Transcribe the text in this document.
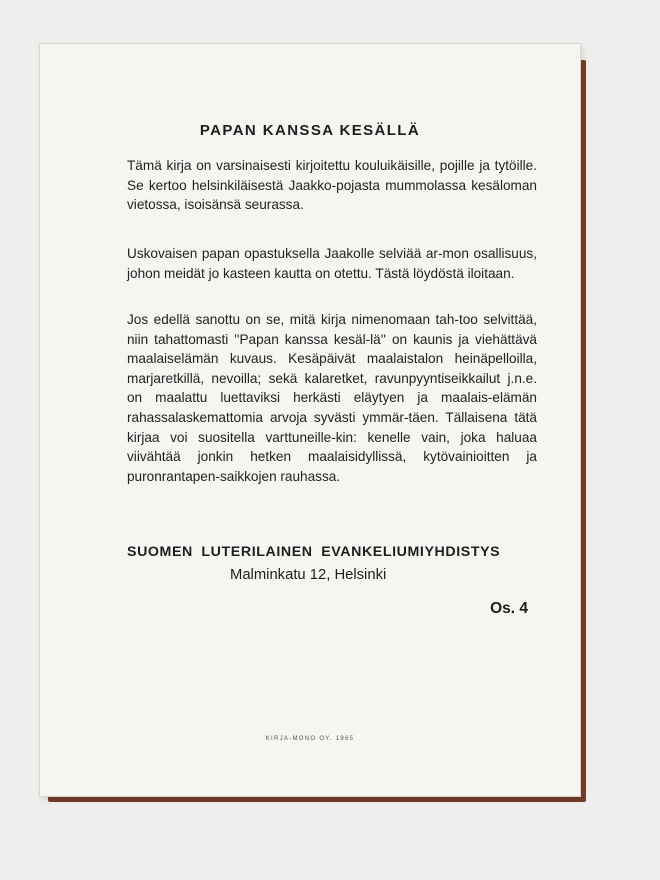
PAPAN KANSSA KESÄLLÄ
Tämä kirja on varsinaisesti kirjoitettu kouluikäisille, pojille ja tytöille. Se kertoo helsinkiläisestä Jaakko-pojasta mummolassa kesäloman vietossa, isoisänsä seurassa.
Uskovaisen papan opastuksella Jaakolle selviää ar-mon osallisuus, johon meidät jo kasteen kautta on otettu. Tästä löydöstä iloitaan.
Jos edellä sanottu on se, mitä kirja nimenomaan tah-too selvittää, niin tahattomasti ''Papan kanssa kesäl-lä'' on kaunis ja viehättävä maalaiselämän kuvaus. Kesäpäivät maalaistalon heinäpelloilla, marjaretkillä, nevoilla; sekä kalaretket, ravunpyyntiseikkailut j.n.e. on maalattu luettaviksi herkästi eläytyen ja maalais-elämän rahassalaskemattomia arvoja syvästi ymmär-täen. Tällaisena tätä kirjaa voi suositella varttuneille-kin: kenelle vain, joka haluaa viivähtää jonkin hetken maalaisidyllissä, kytövainioitten ja puronrantapen-saikkojen rauhassa.
SUOMEN LUTERILAINEN EVANKELIUMIYHDISTYS
Malminkatu 12, Helsinki
Os. 4
KIRJA-MONO OY. 1965
